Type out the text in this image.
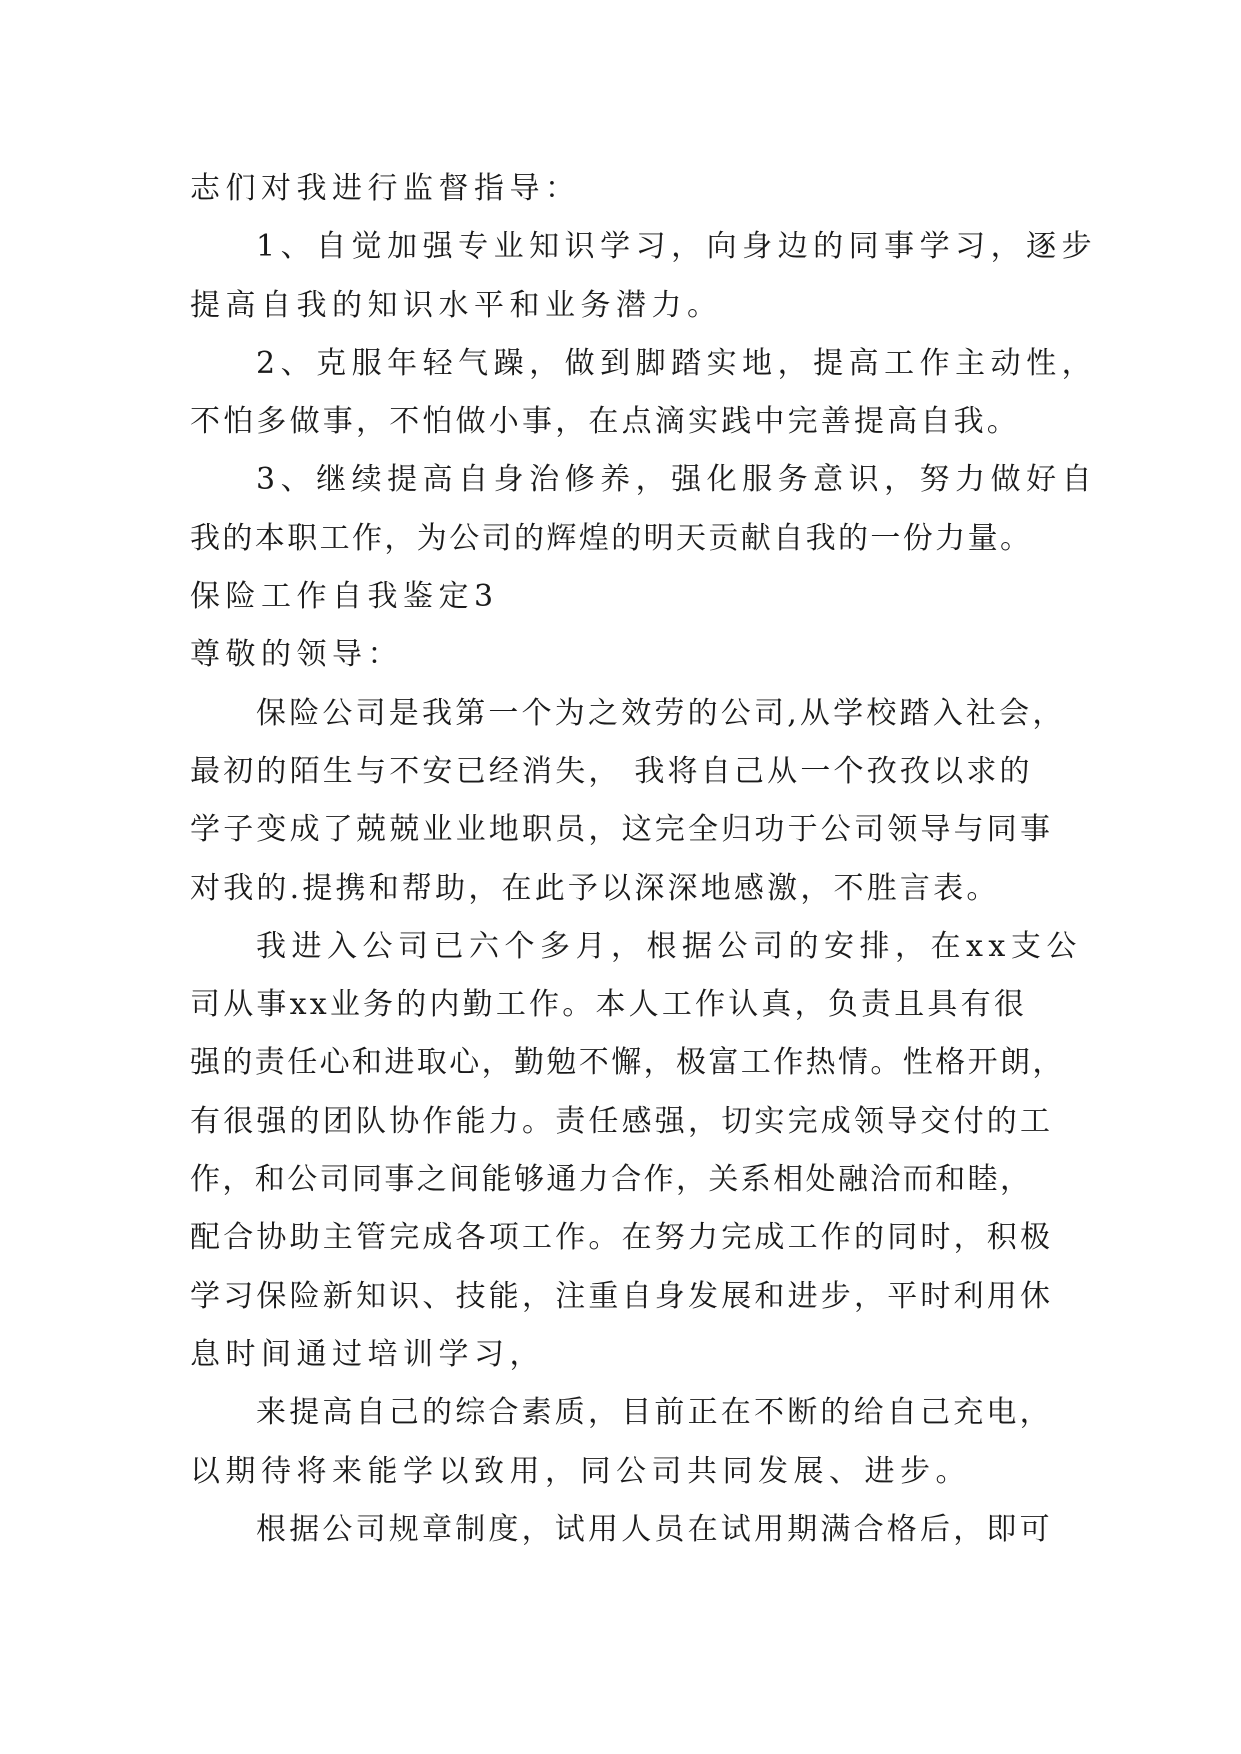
志们对我进行监督指导：
1、自觉加强专业知识学习，向身边的同事学习，逐步
提高自我的知识水平和业务潜力。
2、克服年轻气躁，做到脚踏实地，提高工作主动性，
不怕多做事，不怕做小事，在点滴实践中完善提高自我。
3、继续提高自身治修养，强化服务意识，努力做好自
我的本职工作，为公司的辉煌的明天贡献自我的一份力量。
保险工作自我鉴定3
尊敬的领导：
保险公司是我第一个为之效劳的公司,从学校踏入社会，
最初的陌生与不安已经消失， 我将自己从一个孜孜以求的
学子变成了兢兢业业地职员，这完全归功于公司领导与同事
对我的.提携和帮助，在此予以深深地感激，不胜言表。
我进入公司已六个多月，根据公司的安排，在xx支公
司从事xx业务的内勤工作。本人工作认真，负责且具有很
强的责任心和进取心，勤勉不懈，极富工作热情。性格开朗，
有很强的团队协作能力。责任感强，切实完成领导交付的工
作，和公司同事之间能够通力合作，关系相处融洽而和睦，
配合协助主管完成各项工作。在努力完成工作的同时，积极
学习保险新知识、技能，注重自身发展和进步，平时利用休
息时间通过培训学习，
来提高自己的综合素质，目前正在不断的给自己充电，
以期待将来能学以致用，同公司共同发展、进步。
根据公司规章制度，试用人员在试用期满合格后，即可
